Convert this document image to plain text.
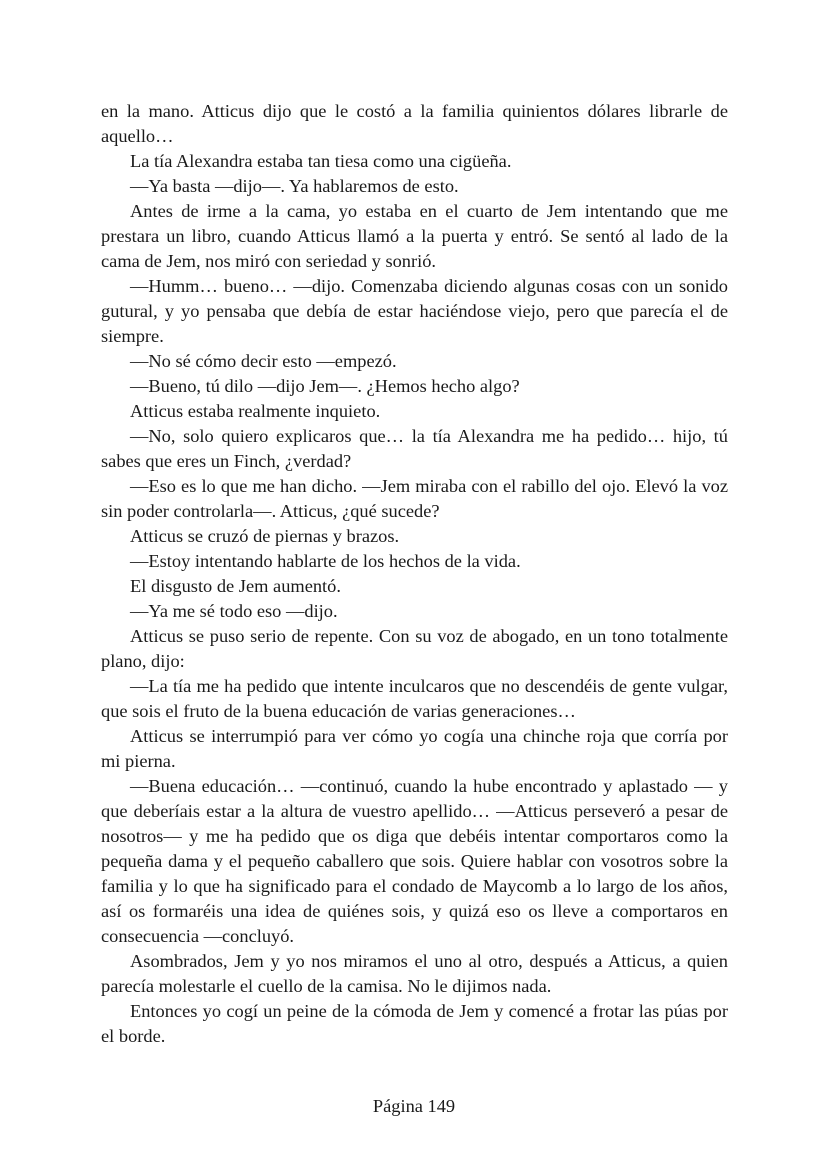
en la mano. Atticus dijo que le costó a la familia quinientos dólares librarle de aquello…

La tía Alexandra estaba tan tiesa como una cigüeña.

—Ya basta —dijo—. Ya hablaremos de esto.

Antes de irme a la cama, yo estaba en el cuarto de Jem intentando que me prestara un libro, cuando Atticus llamó a la puerta y entró. Se sentó al lado de la cama de Jem, nos miró con seriedad y sonrió.

—Humm… bueno… —dijo. Comenzaba diciendo algunas cosas con un sonido gutural, y yo pensaba que debía de estar haciéndose viejo, pero que parecía el de siempre.

—No sé cómo decir esto —empezó.

—Bueno, tú dilo —dijo Jem—. ¿Hemos hecho algo?

Atticus estaba realmente inquieto.

—No, solo quiero explicaros que… la tía Alexandra me ha pedido… hijo, tú sabes que eres un Finch, ¿verdad?

—Eso es lo que me han dicho. —Jem miraba con el rabillo del ojo. Elevó la voz sin poder controlarla—. Atticus, ¿qué sucede?

Atticus se cruzó de piernas y brazos.

—Estoy intentando hablarte de los hechos de la vida.

El disgusto de Jem aumentó.

—Ya me sé todo eso —dijo.

Atticus se puso serio de repente. Con su voz de abogado, en un tono totalmente plano, dijo:

—La tía me ha pedido que intente inculcaros que no descendéis de gente vulgar, que sois el fruto de la buena educación de varias generaciones…

Atticus se interrumpió para ver cómo yo cogía una chinche roja que corría por mi pierna.

—Buena educación… —continuó, cuando la hube encontrado y aplastado — y que deberíais estar a la altura de vuestro apellido… —Atticus perseveró a pesar de nosotros— y me ha pedido que os diga que debéis intentar comportaros como la pequeña dama y el pequeño caballero que sois. Quiere hablar con vosotros sobre la familia y lo que ha significado para el condado de Maycomb a lo largo de los años, así os formaréis una idea de quiénes sois, y quizá eso os lleve a comportaros en consecuencia —concluyó.

Asombrados, Jem y yo nos miramos el uno al otro, después a Atticus, a quien parecía molestarle el cuello de la camisa. No le dijimos nada.

Entonces yo cogí un peine de la cómoda de Jem y comencé a frotar las púas por el borde.

Página 149
